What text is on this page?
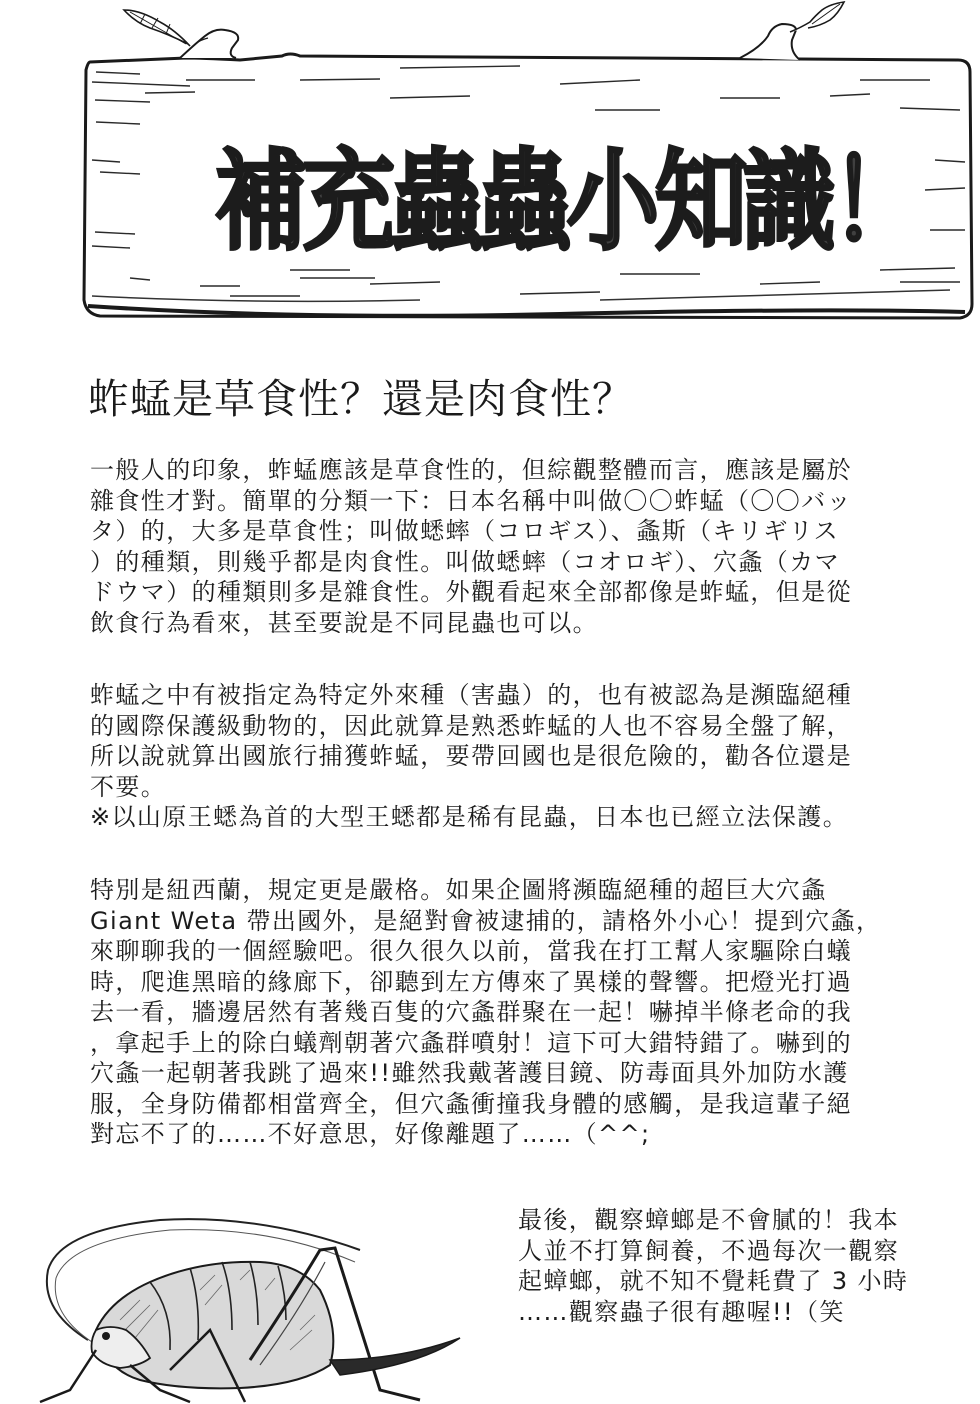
補充蟲蟲小知識！
蚱蜢是草食性？還是肉食性？
一般人的印象，蚱蜢應該是草食性的，但綜觀整體而言，應該是屬於
雜食性才對。簡單的分類一下：日本名稱中叫做〇〇蚱蜢（〇〇バッ
タ）的，大多是草食性；叫做蟋蟀（コロギス）、螽斯（キリギリス
）的種類，則幾乎都是肉食性。叫做蟋蟀（コオロギ）、穴螽（カマ
ドウマ）的種類則多是雜食性。外觀看起來全部都像是蚱蜢，但是從
飲食行為看來，甚至要說是不同昆蟲也可以。
蚱蜢之中有被指定為特定外來種（害蟲）的，也有被認為是瀕臨絕種
的國際保護級動物的，因此就算是熟悉蚱蜢的人也不容易全盤了解，
所以說就算出國旅行捕獲蚱蜢，要帶回國也是很危險的，勸各位還是
不要。
※以山原王蟋為首的大型王蟋都是稀有昆蟲，日本也已經立法保護。
特別是紐西蘭，規定更是嚴格。如果企圖將瀕臨絕種的超巨大穴螽
Giant Weta 帶出國外，是絕對會被逮捕的，請格外小心！提到穴螽，
來聊聊我的一個經驗吧。很久很久以前，當我在打工幫人家驅除白蟻
時，爬進黑暗的緣廊下，卻聽到左方傳來了異樣的聲響。把燈光打過
去一看，牆邊居然有著幾百隻的穴螽群聚在一起！嚇掉半條老命的我
，拿起手上的除白蟻劑朝著穴螽群噴射！這下可大錯特錯了。嚇到的
穴螽一起朝著我跳了過來!!雖然我戴著護目鏡、防毒面具外加防水護
服，全身防備都相當齊全，但穴螽衝撞我身體的感觸，是我這輩子絕
對忘不了的……不好意思，好像離題了……（^^;
最後，觀察蟑螂是不會膩的！我本
人並不打算飼養，不過每次一觀察
起蟑螂，就不知不覺耗費了 3 小時
……觀察蟲子很有趣喔!!（笑
